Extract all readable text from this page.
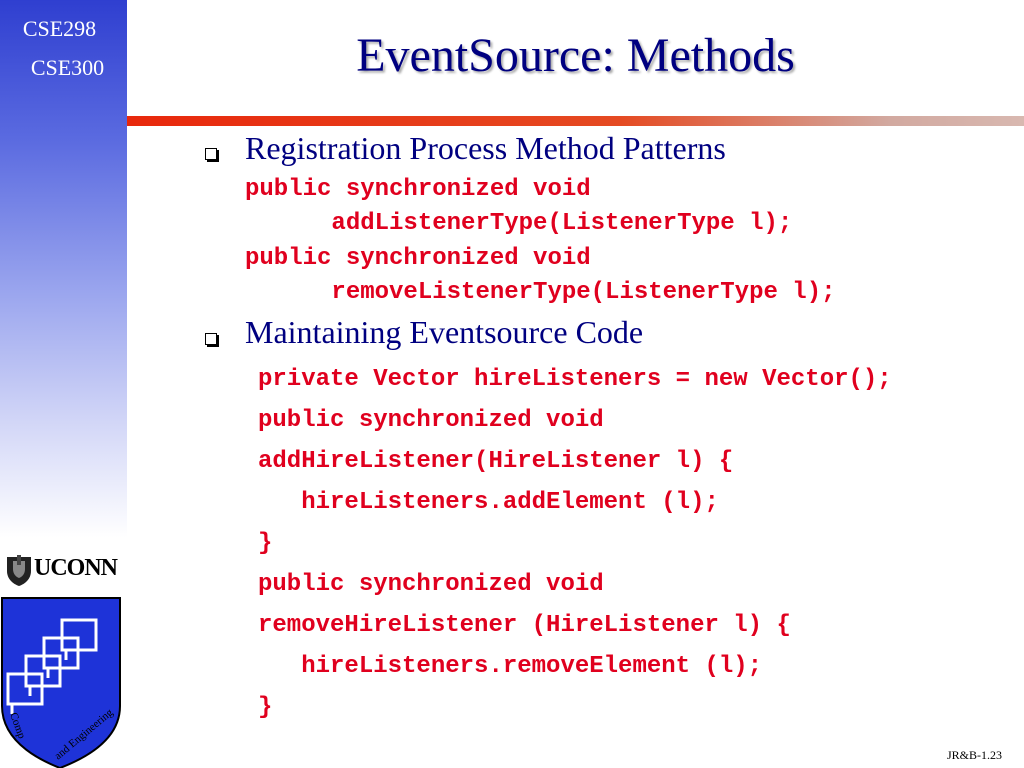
CSE298
CSE300
UCONN
Comp and Engineering
EventSource: Methods
Registration Process Method Patterns
public synchronized void
addListenerType(ListenerType l);
public synchronized void
removeListenerType(ListenerType l);
Maintaining Eventsource Code
private Vector hireListeners = new Vector();
public synchronized void
addHireListener(HireListener l) {
hireListeners.addElement (l);
}
public synchronized void
removeHireListener (HireListener l) {
hireListeners.removeElement (l);
}
JR&B-1.23
